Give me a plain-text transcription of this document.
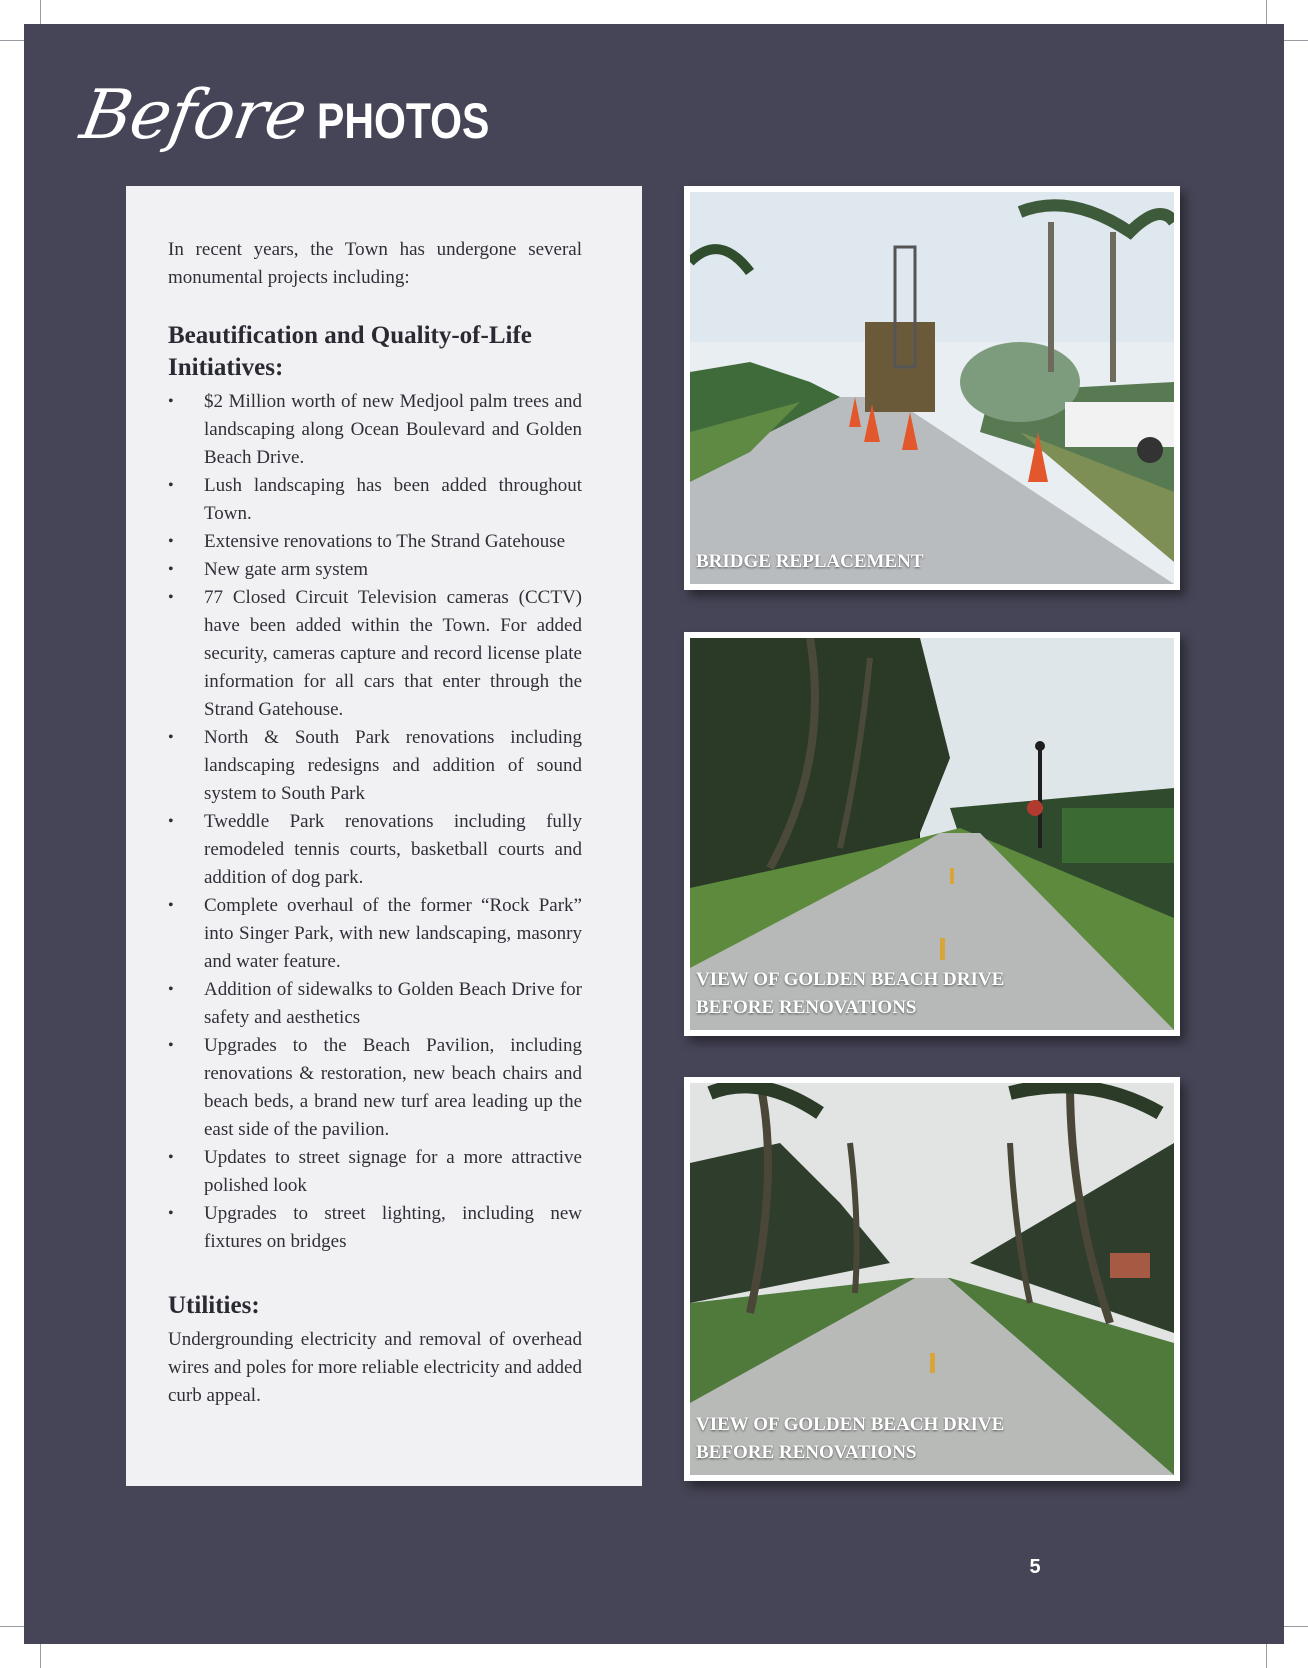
Before PHOTOS

In recent years, the Town has undergone several monumental projects including:

Beautification and Quality-of-Life Initiatives:
• $2 Million worth of new Medjool palm trees and landscaping along Ocean Boulevard and Golden Beach Drive.
• Lush landscaping has been added throughout Town.
• Extensive renovations to The Strand Gatehouse
• New gate arm system
• 77 Closed Circuit Television cameras (CCTV) have been added within the Town. For added security, cameras capture and record license plate information for all cars that enter through the Strand Gatehouse.
• North & South Park renovations including landscaping redesigns and addition of sound system to South Park
• Tweddle Park renovations including fully remodeled tennis courts, basketball courts and addition of dog park.
• Complete overhaul of the former “Rock Park” into Singer Park, with new landscaping, masonry and water feature.
• Addition of sidewalks to Golden Beach Drive for safety and aesthetics
• Upgrades to the Beach Pavilion, including renovations & restoration, new beach chairs and beach beds, a brand new turf area leading up the east side of the pavilion.
• Updates to street signage for a more attractive polished look
• Upgrades to street lighting, including new fixtures on bridges
Utilities:

Undergrounding electricity and removal of overhead wires and poles for more reliable electricity and added curb appeal.

BRIDGE REPLACEMENT
VIEW OF GOLDEN BEACH DRIVE
BEFORE RENOVATIONS
VIEW OF GOLDEN BEACH DRIVE
BEFORE RENOVATIONS
5
